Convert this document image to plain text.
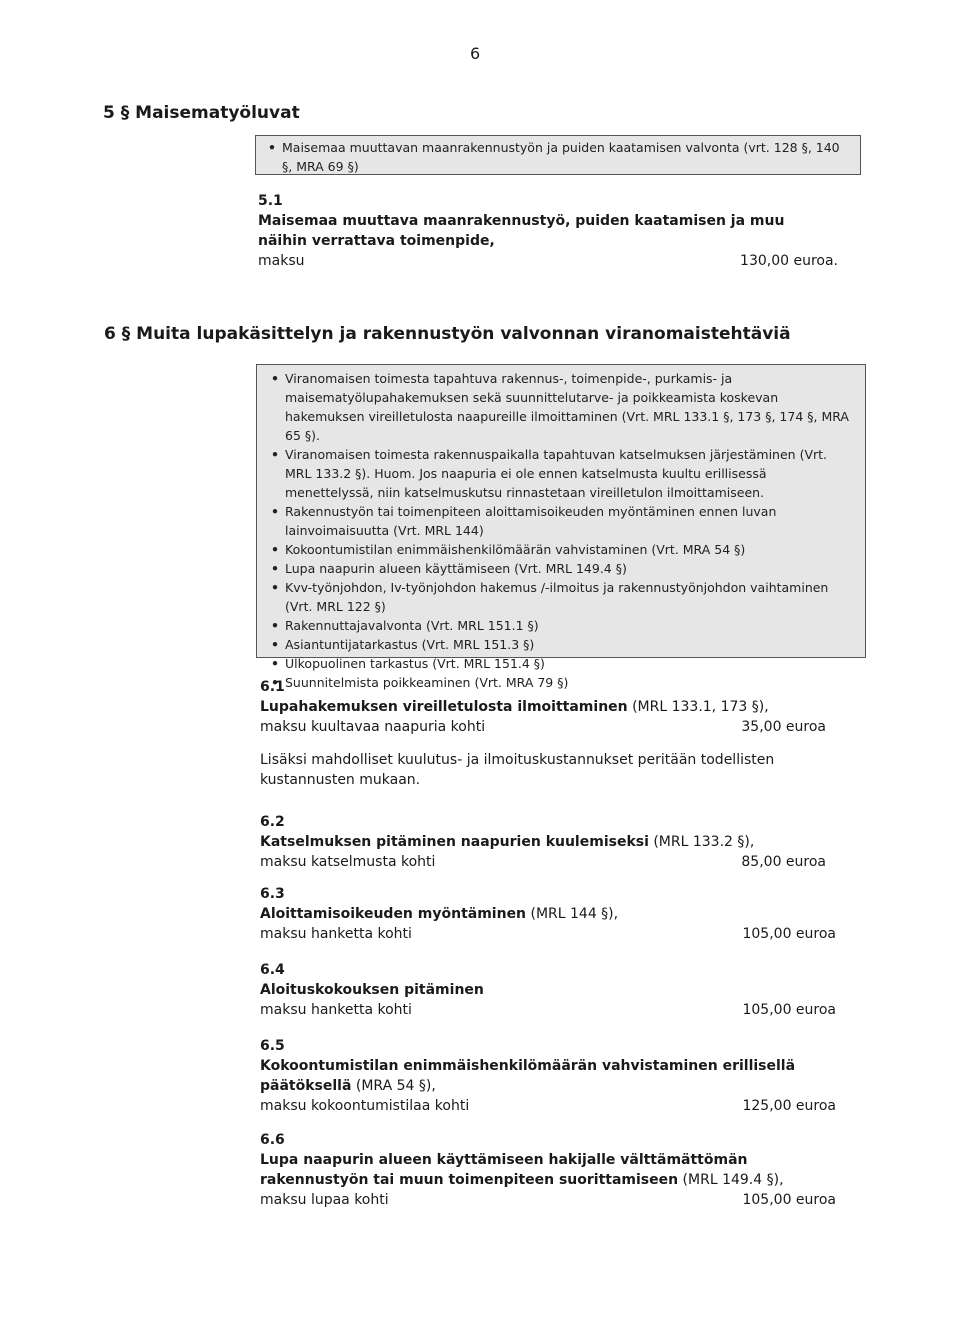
6
5 § Maisematyöluvat
• Maisemaa muuttavan maanrakennustyön ja puiden kaatamisen valvonta (vrt. 128 §, 140 §, MRA 69 §)
5.1
Maisemaa muuttava maanrakennustyö, puiden kaatamisen ja muu näihin verrattava toimenpide,
maksu	130,00 euroa.
6 § Muita lupakäsittelyn ja rakennustyön valvonnan viranomaistehtäviä
• Viranomaisen toimesta tapahtuva rakennus-, toimenpide-, purkamis- ja maisematyölupahakemuksen sekä suunnittelutarve- ja poikkeamista koskevan hakemuksen vireilletulosta naapureille ilmoittaminen (Vrt. MRL 133.1 §, 173 §, 174 §, MRA 65 §).
• Viranomaisen toimesta rakennuspaikalla tapahtuvan katselmuksen järjestäminen (Vrt. MRL 133.2 §). Huom. Jos naapuria ei ole ennen katselmusta kuultu erillisessä menettelyssä, niin katselmuskutsu rinnastetaan vireilletulon ilmoittamiseen.
• Rakennustyön tai toimenpiteen aloittamisoikeuden myöntäminen ennen luvan lainvoimaisuutta (Vrt. MRL 144)
• Kokoontumistilan enimmäishenkilömäärän vahvistaminen (Vrt. MRA 54 §)
• Lupa naapurin alueen käyttämiseen (Vrt. MRL 149.4 §)
• Kvv-työnjohdon, Iv-työnjohdon hakemus /-ilmoitus ja rakennustyönjohdon vaihtaminen (Vrt. MRL 122 §)
• Rakennuttajavalvonta (Vrt. MRL 151.1 §)
• Asiantuntijatarkastus (Vrt. MRL 151.3 §)
• Ulkopuolinen tarkastus (Vrt. MRL 151.4 §)
• Suunnitelmista poikkeaminen (Vrt. MRA 79 §)
6.1
Lupahakemuksen vireilletulosta ilmoittaminen (MRL 133.1, 173 §),
maksu kuultavaa naapuria kohti	35,00 euroa
6.2
Katselmuksen pitäminen naapurien kuulemiseksi (MRL 133.2 §),
maksu katselmusta kohti	85,00 euroa
6.3
Aloittamisoikeuden myöntäminen (MRL 144 §),
maksu hanketta kohti	105,00 euroa
6.4
Aloituskokouksen pitäminen
maksu hanketta kohti	105,00 euroa
6.5
Kokoontumistilan enimmäishenkilömäärän vahvistaminen erillisellä päätöksellä (MRA 54 §),
maksu kokoontumistilaa kohti	125,00 euroa
6.6
Lupa naapurin alueen käyttämiseen hakijalle välttämättömän rakennustyön tai muun toimenpiteen suorittamiseen (MRL 149.4 §),
maksu lupaa kohti	105,00 euroa
Lisäksi mahdolliset kuulutus- ja ilmoituskustannukset peritään todellisten kustannusten mukaan.
